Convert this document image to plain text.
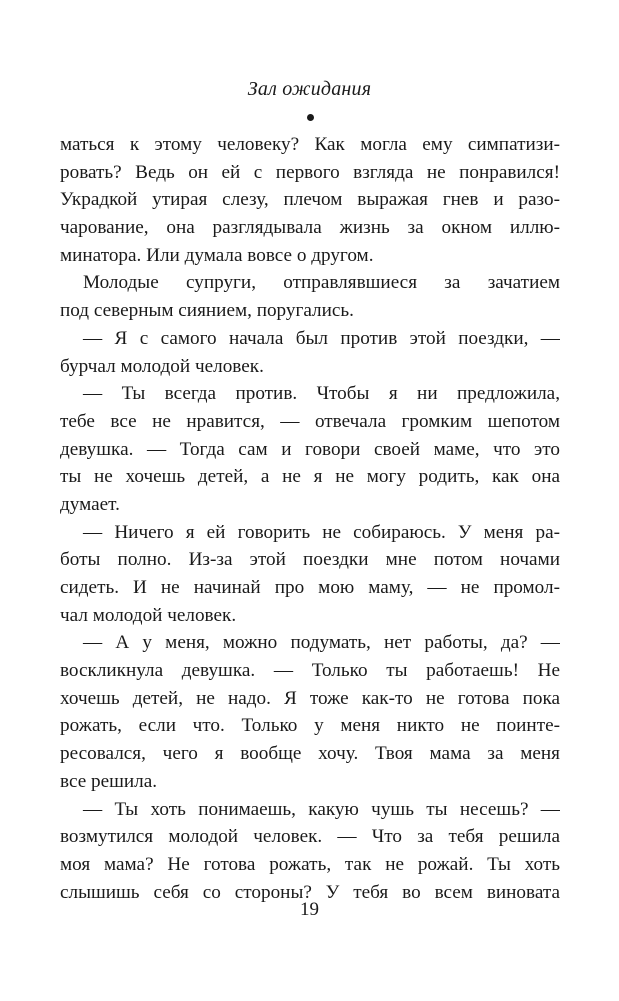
Зал ожидания
маться к этому человеку? Как могла ему симпатизи-
ровать? Ведь он ей с первого взгляда не понравился!
Украдкой утирая слезу, плечом выражая гнев и разо-
чарование, она разглядывала жизнь за окном иллю-
минатора. Или думала вовсе о другом.
Молодые супруги, отправлявшиеся за зачатием
под северным сиянием, поругались.
— Я с самого начала был против этой поездки, —
бурчал молодой человек.
— Ты всегда против. Чтобы я ни предложила,
тебе все не нравится, — отвечала громким шепотом
девушка. — Тогда сам и говори своей маме, что это
ты не хочешь детей, а не я не могу родить, как она
думает.
— Ничего я ей говорить не собираюсь. У меня ра-
боты полно. Из-за этой поездки мне потом ночами
сидеть. И не начинай про мою маму, — не промол-
чал молодой человек.
— А у меня, можно подумать, нет работы, да? —
воскликнула девушка. — Только ты работаешь! Не
хочешь детей, не надо. Я тоже как-то не готова пока
рожать, если что. Только у меня никто не поинте-
ресовался, чего я вообще хочу. Твоя мама за меня
все решила.
— Ты хоть понимаешь, какую чушь ты несешь? —
возмутился молодой человек. — Что за тебя решила
моя мама? Не готова рожать, так не рожай. Ты хоть
слышишь себя со стороны? У тебя во всем виновата
19
